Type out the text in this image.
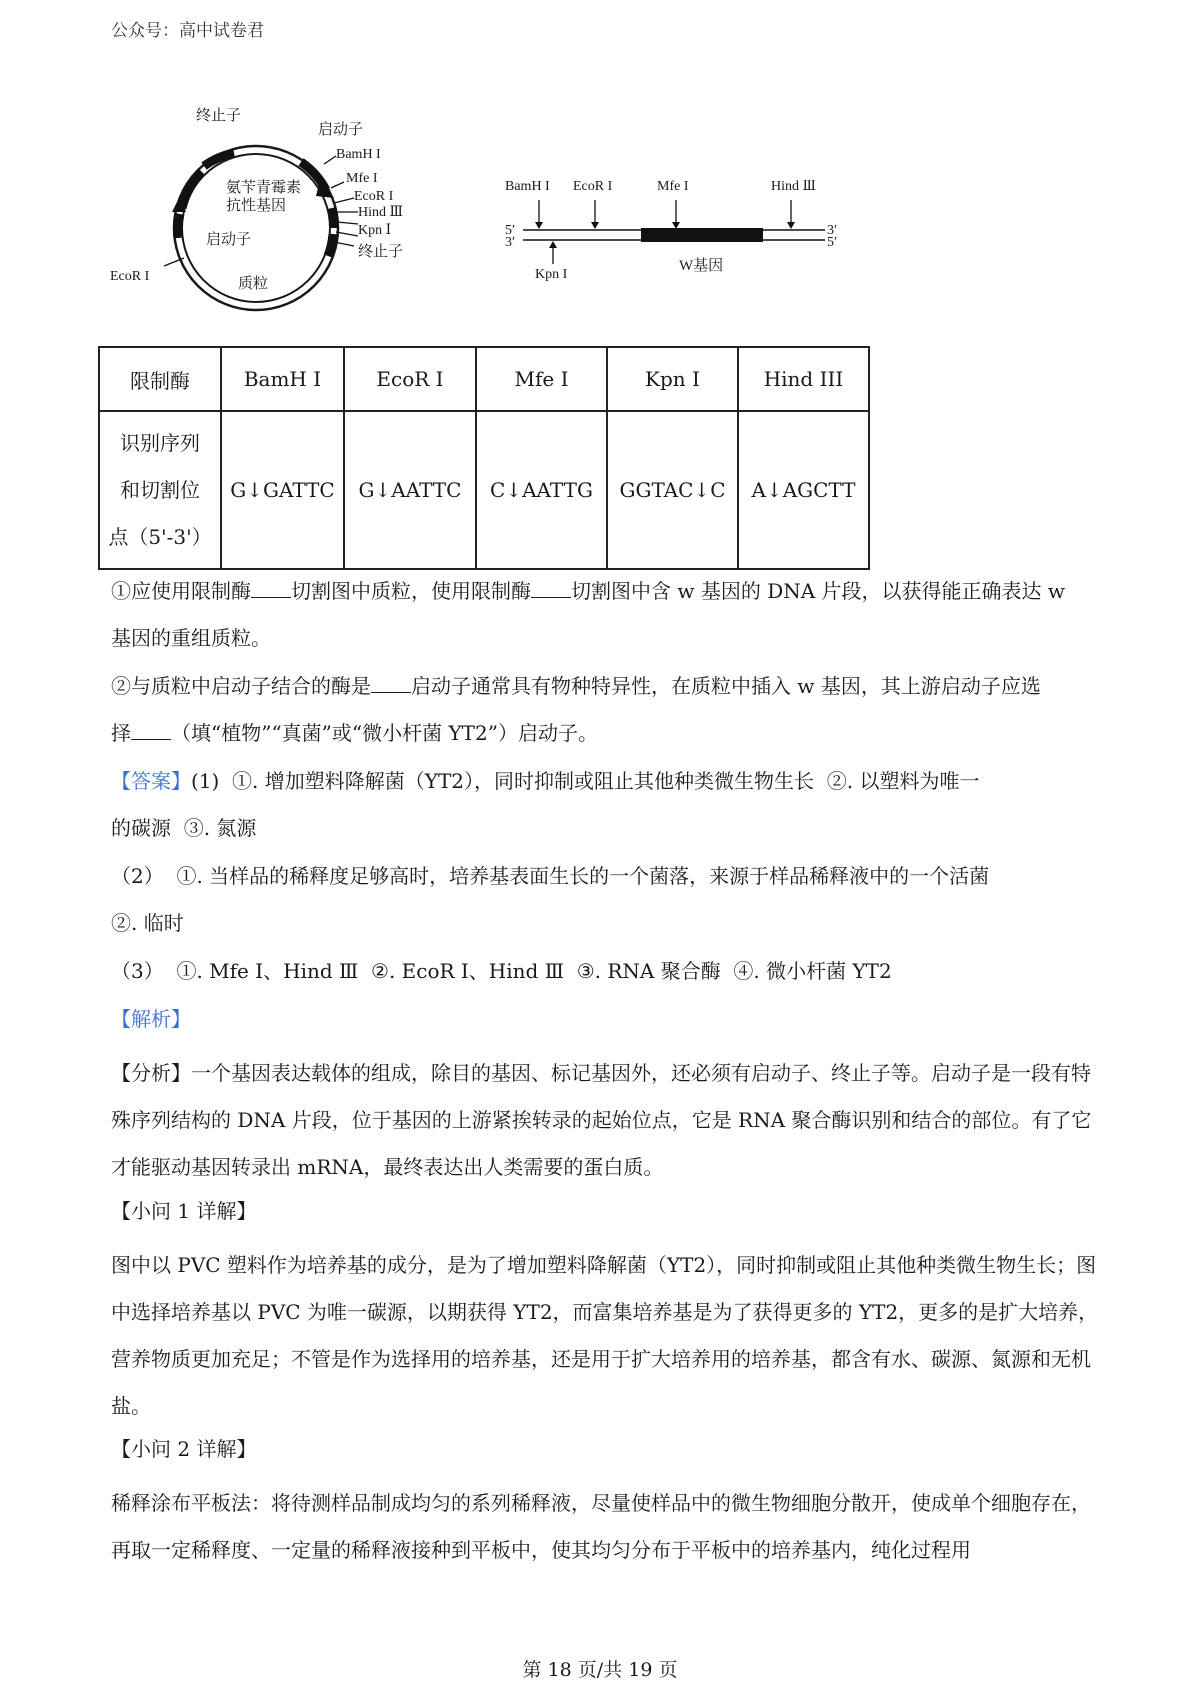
公众号：高中试卷君
终止子
启动子
BamH I
Mfe I
EcoR I
Hind Ⅲ
Kpn Ⅰ
终止子
氨苄青霉素
抗性基因
启动子
EcoR I	质粒
BamH I EcoR I	Mfe I	Hind Ⅲ
5′
3′
3′
5′
Kpn I
W基因
限制酶	BamH I	EcoR I	Mfe I	Kpn I	Hind III

识别序列
和切割位
点（5'-3'）	G↓GATTC	G↓AATTC	C↓AATTG	GGTAC↓C	A↓AGCTT
①应使用限制酶 切割图中质粒，使用限制酶 切割图中含 w 基因的 DNA 片段，以获得能正确表达 w
基因的重组质粒。
②与质粒中启动子结合的酶是 启动子通常具有物种特异性，在质粒中插入 w 基因，其上游启动子应选
择 （填“植物”“真菌”或“微小杆菌 YT2”）启动子。
【答案】(1)  ①. 增加塑料降解菌（YT2），同时抑制或阻止其他种类微生物生长  ②. 以塑料为唯一
的碳源  ③. 氮源
（2）  ①. 当样品的稀释度足够高时，培养基表面生长的一个菌落，来源于样品稀释液中的一个活菌
②. 临时
（3）  ①. Mfe I、Hind Ⅲ  ②. EcoR I、Hind Ⅲ  ③. RNA 聚合酶  ④. 微小杆菌 YT2
【解析】
【分析】一个基因表达载体的组成，除目的基因、标记基因外，还必须有启动子、终止子等。启动子是一段有特殊序列结构的 DNA 片段，位于基因的上游紧挨转录的起始位点，它是 RNA 聚合酶识别和结合的部位。有了它才能驱动基因转录出 mRNA，最终表达出人类需要的蛋白质。
【小问 1 详解】
图中以 PVC 塑料作为培养基的成分，是为了增加塑料降解菌（YT2），同时抑制或阻止其他种类微生物生长；图中选择培养基以 PVC 为唯一碳源，以期获得 YT2，而富集培养基是为了获得更多的 YT2，更多的是扩大培养，营养物质更加充足；不管是作为选择用的培养基，还是用于扩大培养用的培养基，都含有水、碳源、氮源和无机盐。
【小问 2 详解】
稀释涂布平板法：将待测样品制成均匀的系列稀释液，尽量使样品中的微生物细胞分散开，使成单个细胞存在，再取一定稀释度、一定量的稀释液接种到平板中，使其均匀分布于平板中的培养基内，纯化过程用
第 18 页/共 19 页
